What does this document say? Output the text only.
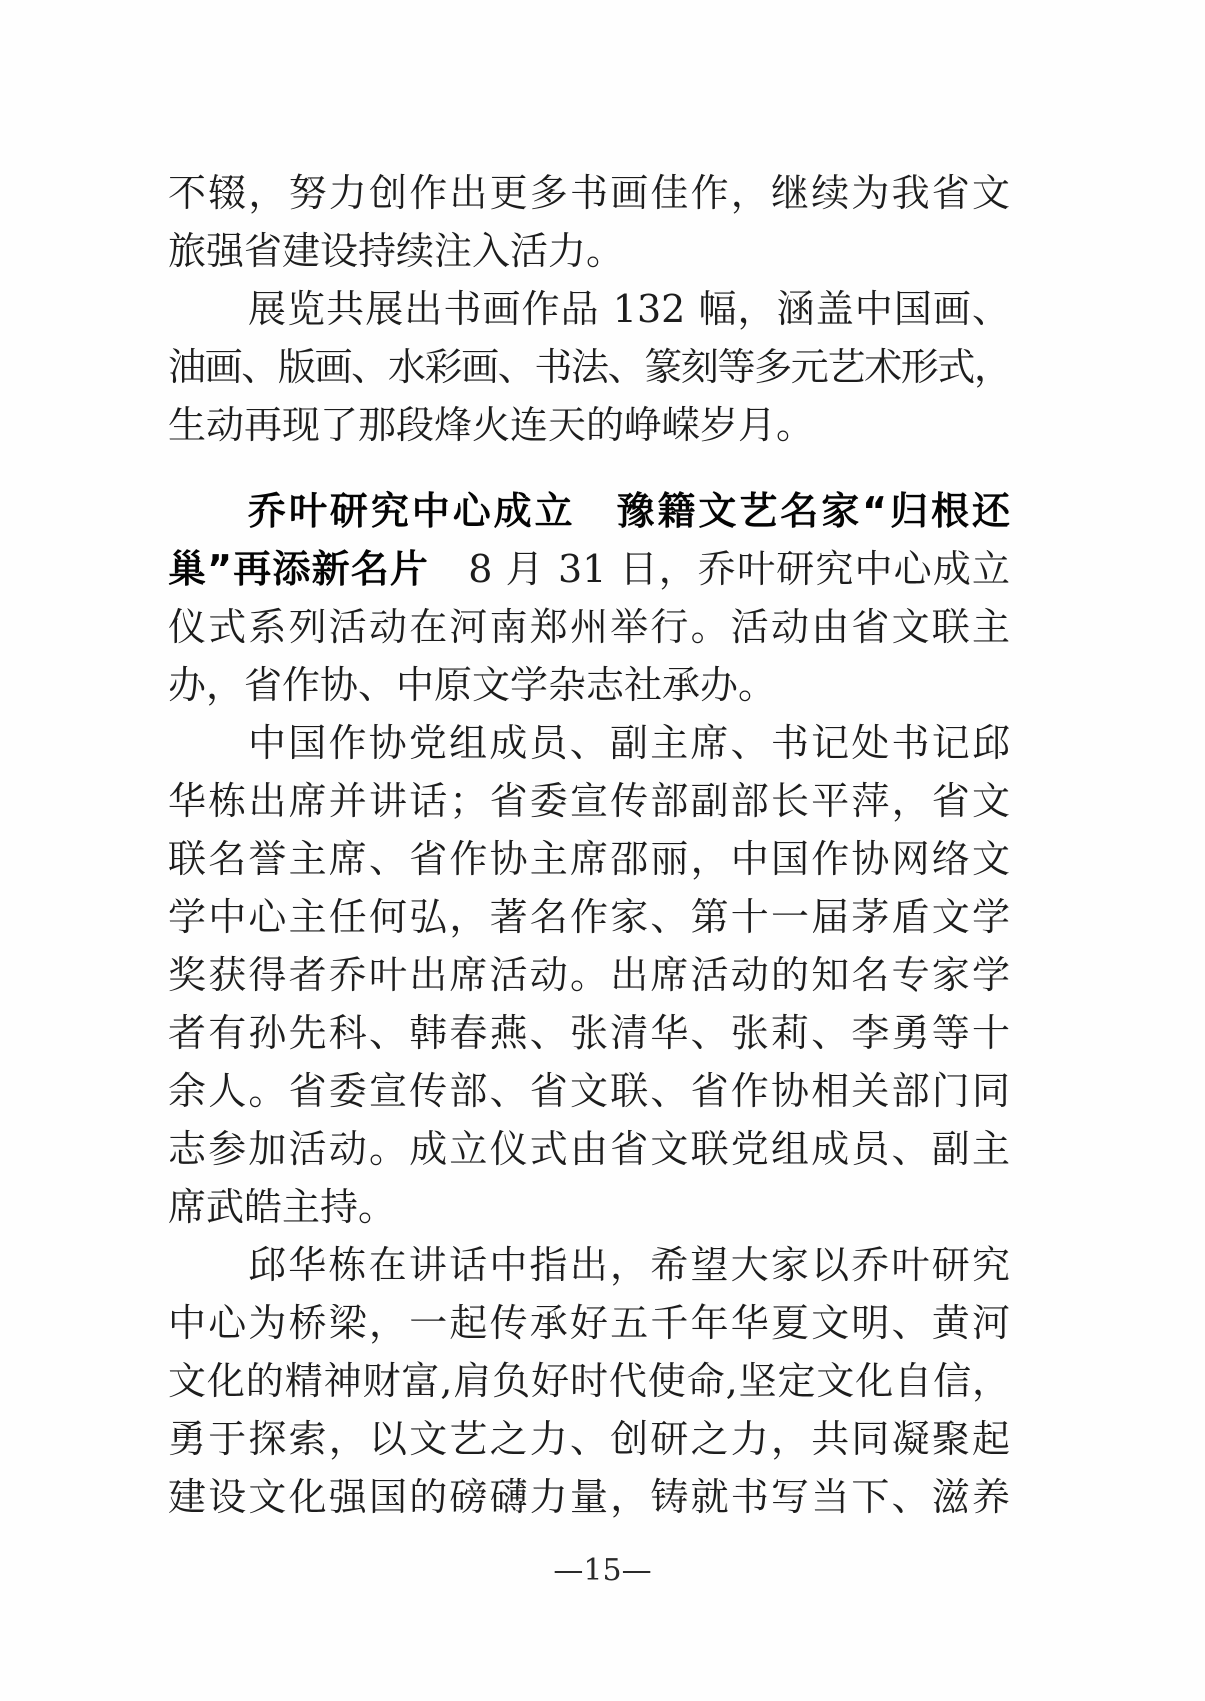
不辍，努力创作出更多书画佳作，继续为我省文
旅强省建设持续注入活力。
展览共展出书画作品 132 幅，涵盖中国画、
油画、版画、水彩画、书法、篆刻等多元艺术形式，
生动再现了那段烽火连天的峥嵘岁月。
乔叶研究中心成立　豫籍文艺名家“归根还
巢”再添新名片　8 月 31 日，乔叶研究中心成立
仪式系列活动在河南郑州举行。活动由省文联主
办，省作协、中原文学杂志社承办。
中国作协党组成员、副主席、书记处书记邱
华栋出席并讲话；省委宣传部副部长平萍，省文
联名誉主席、省作协主席邵丽，中国作协网络文
学中心主任何弘，著名作家、第十一届茅盾文学
奖获得者乔叶出席活动。出席活动的知名专家学
者有孙先科、韩春燕、张清华、张莉、李勇等十
余人。省委宣传部、省文联、省作协相关部门同
志参加活动。成立仪式由省文联党组成员、副主
席武皓主持。
邱华栋在讲话中指出，希望大家以乔叶研究
中心为桥梁，一起传承好五千年华夏文明、黄河
文化的精神财富,肩负好时代使命,坚定文化自信，
勇于探索，以文艺之力、创研之力，共同凝聚起
建设文化强国的磅礴力量，铸就书写当下、滋养
—15—
